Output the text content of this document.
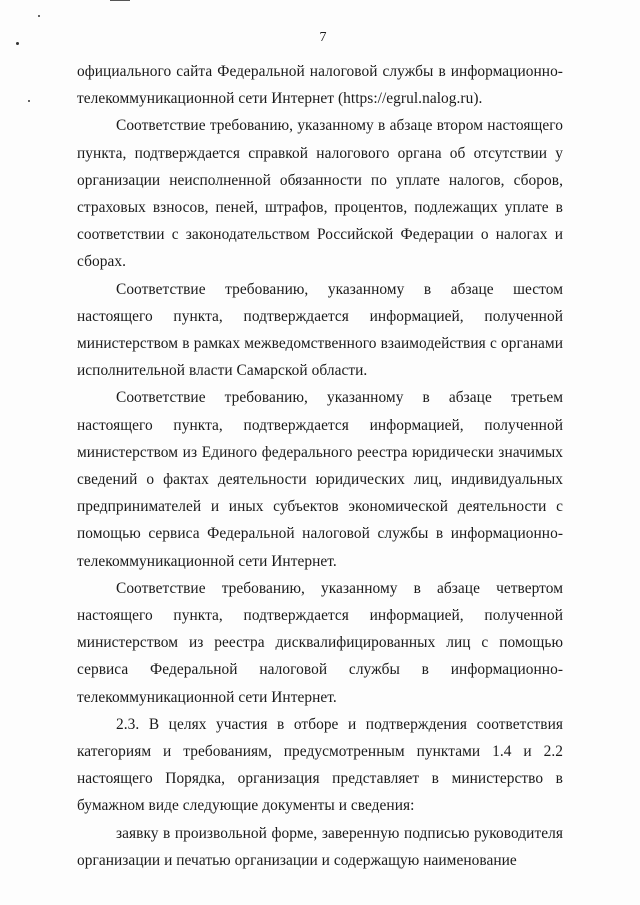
7

официального сайта Федеральной налоговой службы в информационно-телекоммуникационной сети Интернет (https://egrul.nalog.ru).

Соответствие требованию, указанному в абзаце втором настоящего пункта, подтверждается справкой налогового органа об отсутствии у организации неисполненной обязанности по уплате налогов, сборов, страховых взносов, пеней, штрафов, процентов, подлежащих уплате в соответствии с законодательством Российской Федерации о налогах и сборах.

Соответствие требованию, указанному в абзаце шестом настоящего пункта, подтверждается информацией, полученной министерством в рамках межведомственного взаимодействия с органами исполнительной власти Самарской области.

Соответствие требованию, указанному в абзаце третьем настоящего пункта, подтверждается информацией, полученной министерством из Единого федерального реестра юридически значимых сведений о фактах деятельности юридических лиц, индивидуальных предпринимателей и иных субъектов экономической деятельности с помощью сервиса Федеральной налоговой службы в информационно-телекоммуникационной сети Интернет.

Соответствие требованию, указанному в абзаце четвертом настоящего пункта, подтверждается информацией, полученной министерством из реестра дисквалифицированных лиц с помощью сервиса Федеральной налоговой службы в информационно-телекоммуникационной сети Интернет.

2.3. В целях участия в отборе и подтверждения соответствия категориям и требованиям, предусмотренным пунктами 1.4 и 2.2 настоящего Порядка, организация представляет в министерство в бумажном виде следующие документы и сведения:

заявку в произвольной форме, заверенную подписью руководителя организации и печатью организации и содержащую наименование
